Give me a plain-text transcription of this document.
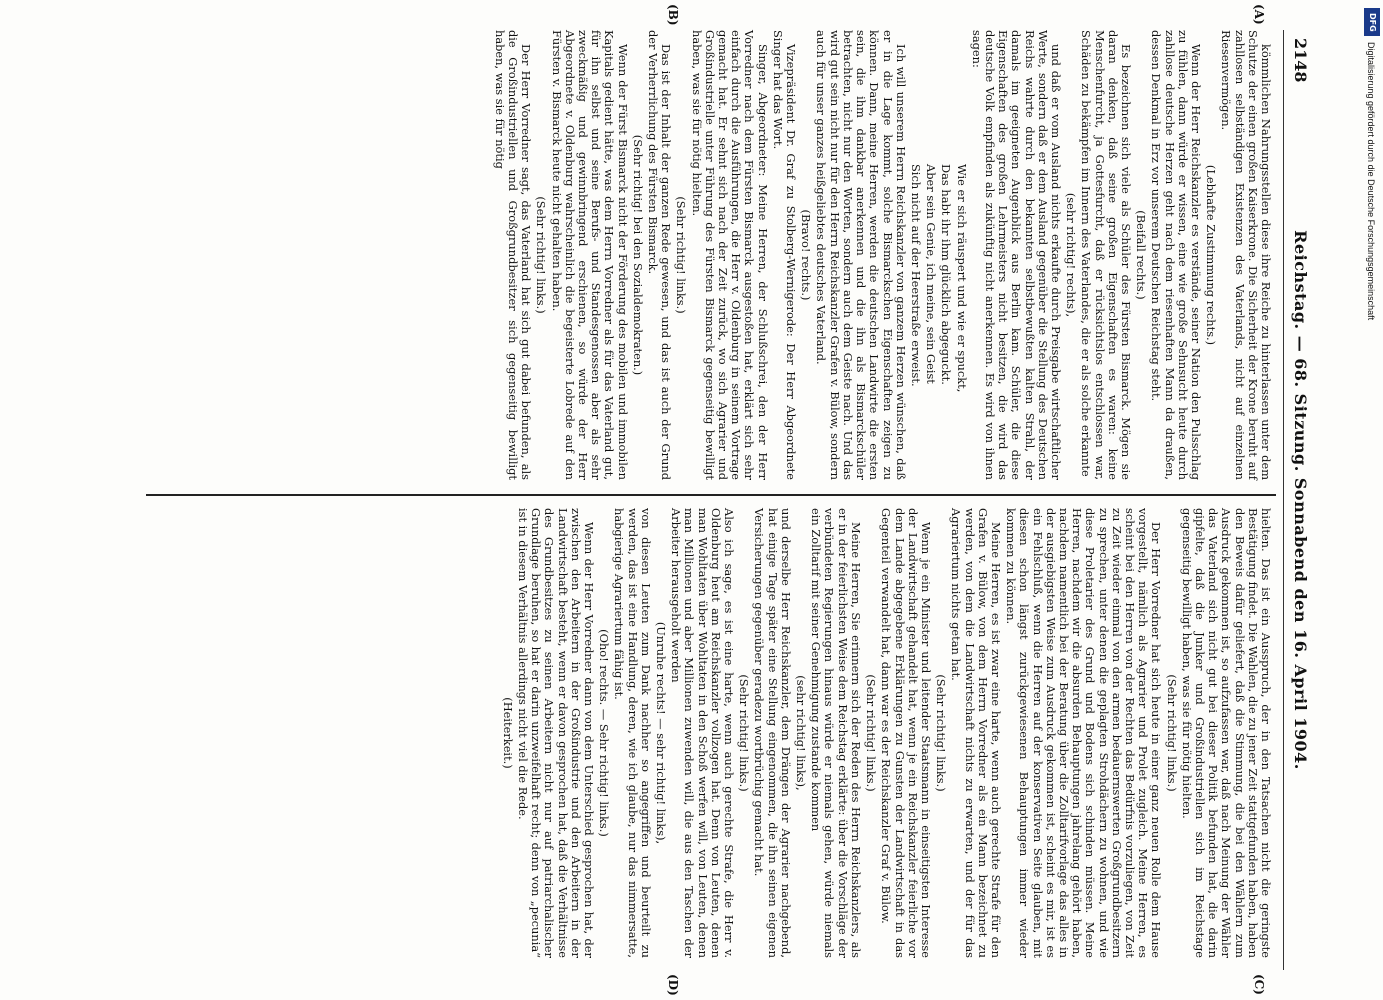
2148
Reichstag. — 68. Sitzung. Sonnabend den 16. April 1904.
(A)
(B)
(C)
(D)

kömmlichen Nahrungsstellen diese ihre Reiche zu hinterlassen unter dem Schutze der einen großen Kaiserkrone. Die Sicherheit der Krone beruht auf zahllosen selbständigen Existenzen des Vaterlands, nicht auf einzelnen Riesenvermögen.

(Lebhafte Zustimmung rechts.)

Wenn der Herr Reichskanzler es verstände, seiner Nation den Pulsschlag zu fühlen, dann würde er wissen, eine wie große Sehnsucht heute durch zahllose deutsche Herzen geht nach dem riesenhaften Mann da draußen, dessen Denkmal in Erz vor unserem Deutschen Reichstag steht.

(Beifall rechts.)

Es bezeichnen sich viele als Schüler des Fürsten Bismarck. Mögen sie daran denken, daß seine großen Eigenschaften es waren: keine Menschenfurcht, ja Gottesfurcht, daß er rücksichtslos entschlossen war, Schäden zu bekämpfen im Innern des Vaterlandes, die er als solche erkannte

(sehr richtig! rechts),

und daß er vom Ausland nichts erkaufte durch Preisgabe wirtschaftlicher Werte, sondern daß er dem Ausland gegenüber die Stellung des Deutschen Reichs wahrte durch den bekannten selbstbewußten kalten Strahl, der damals im geeigneten Augenblick aus Berlin kam. Schüler, die diese Eigenschaften des großen Lehrmeisters nicht besitzen, die wird das deutsche Volk empfinden als zukünftig nicht anerkennen. Es wird von ihnen sagen:

Wie er sich räuspert und wie er spuckt,

Das habt ihr ihm glücklich abgeguckt.

Aber sein Genie, ich meine, sein Geist

Sich nicht auf der Heerstraße erweist.

Ich will unserem Herrn Reichskanzler von ganzem Herzen wünschen, daß er in die Lage kommt, solche Bismarckschen Eigenschaften zeigen zu können. Dann, meine Herren, werden die deutschen Landwirte die ersten sein, die ihm dankbar anerkennen und die ihn als Bismarckschüler betrachten, nicht nur den Worten, sondern auch dem Geiste nach. Und das wird gut sein nicht nur für den Herrn Reichskanzler Grafen v. Bülow, sondern auch für unser ganzes heißgeliebtes deutsches Vaterland.

(Bravo! rechts.)

Vizepräsident Dr. Graf zu Stolberg-Wernigerode: Der Herr Abgeordnete Singer hat das Wort.

Singer, Abgeordneter: Meine Herren, der Schlußschrei, den der Herr Vorredner nach dem Fürsten Bismarck ausgestoßen hat, erklärt sich sehr einfach durch die Ausführungen, die Herr v. Oldenburg in seinem Vortrage gemacht hat. Er sehnt sich nach der Zeit zurück, wo sich Agrarier und Großindustrielle unter Führung des Fürsten Bismarck gegenseitig bewilligt haben, was sie für nötig hielten.

(Sehr richtig! links.)

Das ist der Inhalt der ganzen Rede gewesen, und das ist auch der Grund der Verherrlichung des Fürsten Bismarck.

(Sehr richtig! bei den Sozialdemokraten.)

Wenn der Fürst Bismarck nicht der Förderung des mobilen und immobilen Kapitals gedient hätte, was dem Herrn Vorredner als für das Vaterland gut, für ihn selbst und seine Berufs- und Standesgenossen aber als sehr zweckmäßig und gewinnbringend erschienen, so würde der Herr Abgeordnete v. Oldenburg wahrscheinlich die begeisterte Lobrede auf den Fürsten v. Bismarck heute nicht gehalten haben.

(Sehr richtig! links.)

Der Herr Vorredner sagt, das Vaterland hat sich gut dabei befunden, als die Großindustriellen und Großgrundbesitzer sich gegenseitig bewilligt haben, was sie für nötig

hielten. Das ist ein Ausspruch, der in den Tatsachen nicht die geringste Bestätigung findet. Die Wahlen, die zu jener Zeit stattgefunden haben, haben den Beweis dafür geliefert, daß die Stimmung, die bei den Wählern zum Ausdruck gekommen ist, so aufzufassen war, daß nach Meinung der Wähler das Vaterland sich nicht gut bei dieser Politik befunden hat, die darin gipfelte, daß die Junker und Großindustriellen sich im Reichstage gegenseitig bewilligt haben, was sie für nötig hielten.

(Sehr richtig! links.)

Der Herr Vorredner hat sich heute in einer ganz neuen Rolle dem Hause vorgestellt, nämlich als Agrarier und Prolet zugleich. Meine Herren, es scheint bei den Herren von der Rechten das Bedürfnis vorzuliegen, von Zeit zu Zeit wieder einmal von den armen bedauernswerten Großgrundbesitzern zu sprechen, unter denen die geplagten Strohdächern zu wohnen, und wie diese Proletarier des Grund und Bodens sich schinden müssen. Meine Herren, nachdem wir die absurden Behauptungen jahrelang gehört haben, nachdem namentlich bei der Beratung über die Zolltarifvorlage das alles in der ausgiebigsten Weise zum Ausdruck gekommen ist, scheint es mir, ist es ein Fehlschluß, wenn die Herren auf der konservativen Seite glauben, mit diesen schon längst zurückgewiesenen Behauptungen immer wieder kommen zu können.

Meine Herren, es ist zwar eine harte, wenn auch gerechte Strafe für den Grafen v. Bülow, von dem Herrn Vorredner als ein Mann bezeichnet zu werden, von dem die Landwirtschaft nichts zu erwarten, und der für das Agrariertum nichts getan hat.

(Sehr richtig! links.)

Wenn je ein Minister und leitender Staatsmann in einseitigsten Interesse der Landwirtschaft gehandelt hat, wenn je ein Reichskanzler feierliche vor dem Lande abgegebene Erklärungen zu Gunsten der Landwirtschaft in das Gegenteil verwandelt hat, dann war es der Reichskanzler Graf v. Bülow.

(Sehr richtig! links.)

Meine Herren, Sie erinnern sich der Reden des Herrn Reichskanzlers, als er in der feierlichsten Weise dem Reichstag erklärte: über die Vorschläge der verbündeten Regierungen hinaus würde er niemals gehen, würde niemals ein Zolltarif mit seiner Genehmigung zustande kommen

(sehr richtig! links),

und derselbe Herr Reichskanzler, dem Drängen der Agrarier nachgebend, hat einige Tage später eine Stellung eingenommen, die ihn seinen eigenen Versicherungen gegenüber geradezu wortbrüchig gemacht hat.

(Sehr richtig! links.)

Also ich sage, es ist eine harte, wenn auch gerechte Strafe, die Herr v. Oldenburg heut am Reichskanzler vollzogen hat. Denn von Leuten, denen man Wohltaten über Wohltaten in den Schoß werfen will, von Leuten, denen man Millionen und aber Millionen zuwenden will, die aus den Taschen der Arbeiter herausgeholt werden

(Unruhe rechts! — sehr richtig! links),

von diesen Leuten zum Dank nachher so angegriffen und beurteilt zu werden, das ist eine Handlung, deren, wie ich glaube, nur das nimmersatte, habgierige Agrariertum fähig ist.

(Oho! rechts. — Sehr richtig! links.)

Wenn der Herr Vorredner dann von dem Unterschied gesprochen hat, der zwischen den Arbeitern in der Großindustrie und den Arbeitern in der Landwirtschaft besteht, wenn er davon gesprochen hat, daß die Verhältnisse des Grundbesitzes zu seinen Arbeitern nicht nur auf patriarchalischer Grundlage beruhen, so hat er darin unzweifelhaft recht; denn von „pecunia“ ist in diesem Verhältnis allerdings nicht viel die Rede.

(Heiterkeit.)

DFG
Digitalisierung gefördert durch die Deutsche Forschungsgemeinschaft
